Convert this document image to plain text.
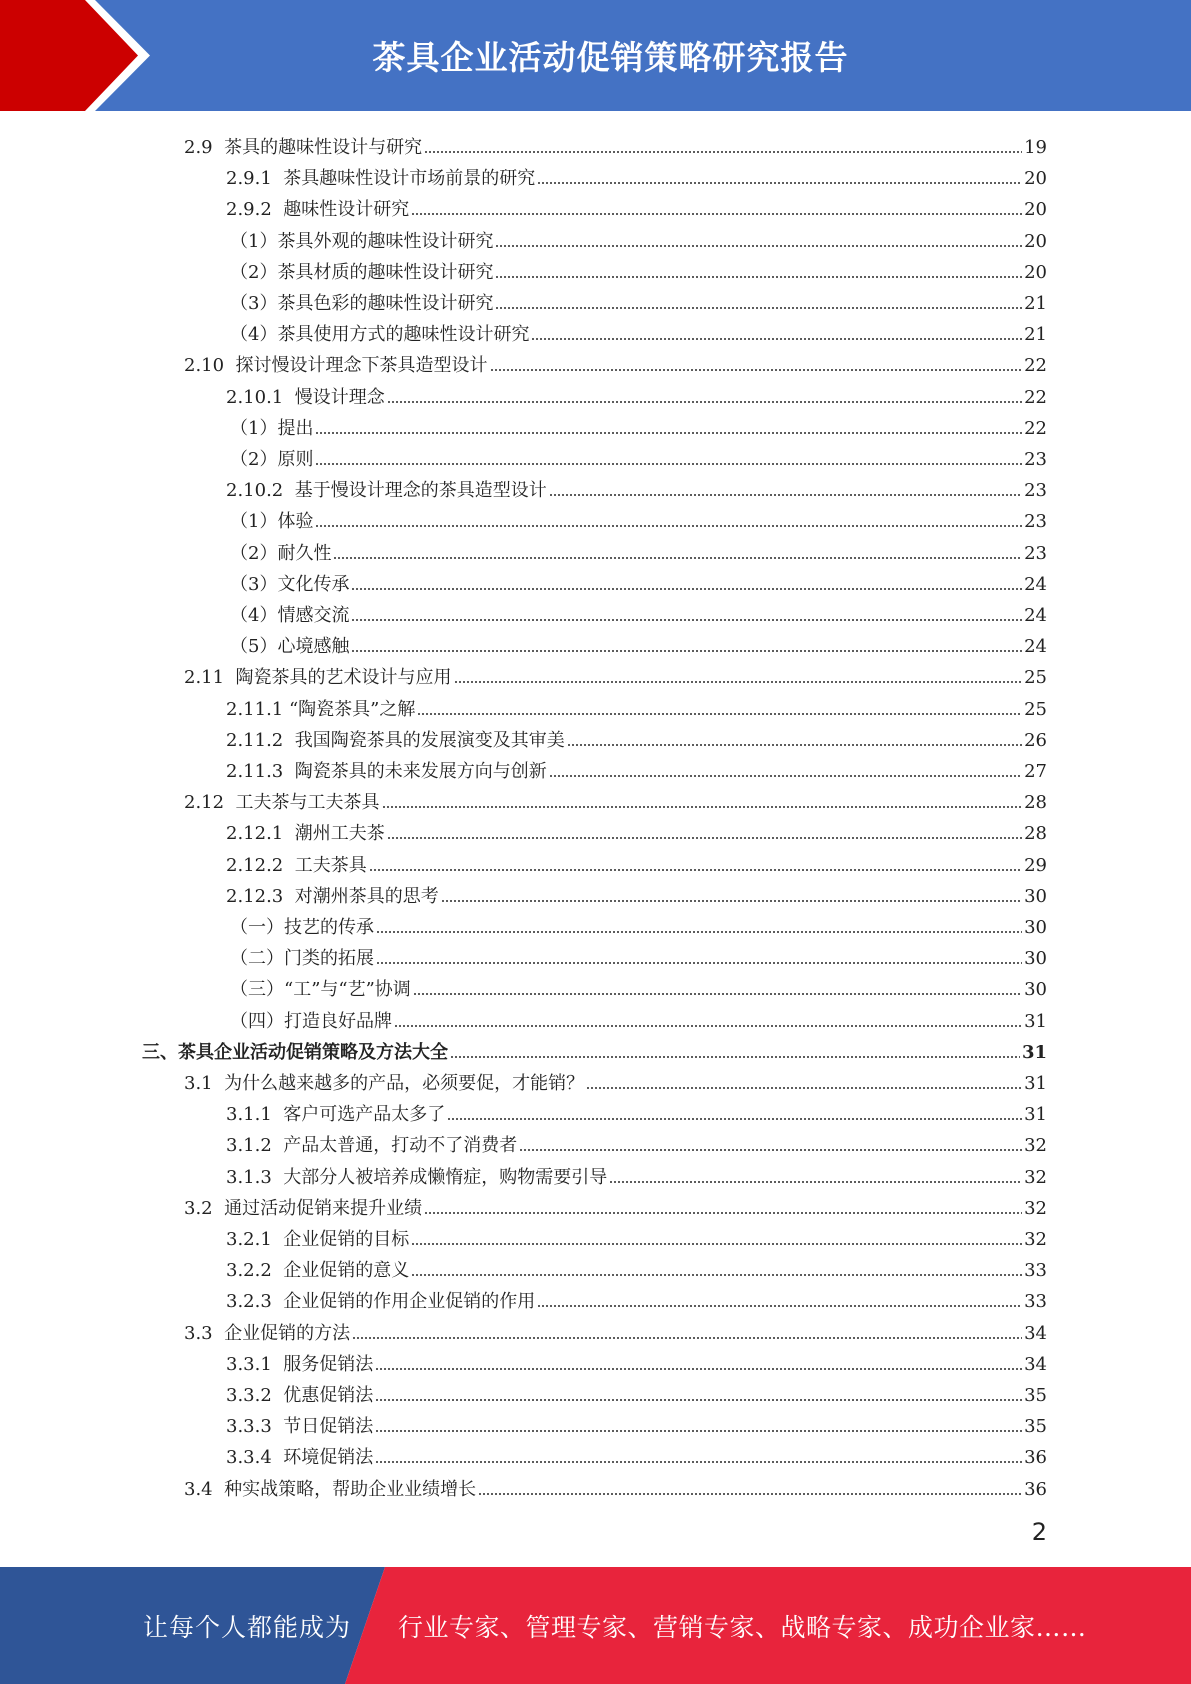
茶具企业活动促销策略研究报告
2.9  茶具的趣味性设计与研究	19
2.9.1  茶具趣味性设计市场前景的研究	20
2.9.2  趣味性设计研究	20
（1）茶具外观的趣味性设计研究	20
（2）茶具材质的趣味性设计研究	20
（3）茶具色彩的趣味性设计研究	21
（4）茶具使用方式的趣味性设计研究	21
2.10  探讨慢设计理念下茶具造型设计	22
2.10.1  慢设计理念	22
（1）提出	22
（2）原则	23
2.10.2  基于慢设计理念的茶具造型设计	23
（1）体验	23
（2）耐久性	23
（3）文化传承	24
（4）情感交流	24
（5）心境感触	24
2.11  陶瓷茶具的艺术设计与应用	25
2.11.1 “陶瓷茶具”之解	25
2.11.2  我国陶瓷茶具的发展演变及其审美	26
2.11.3  陶瓷茶具的未来发展方向与创新	27
2.12  工夫茶与工夫茶具	28
2.12.1  潮州工夫茶	28
2.12.2  工夫茶具	29
2.12.3  对潮州茶具的思考	30
（一）技艺的传承	30
（二）门类的拓展	30
（三）“工”与“艺”协调	30
（四）打造良好品牌	31
三、茶具企业活动促销策略及方法大全	31
3.1  为什么越来越多的产品，必须要促，才能销？	31
3.1.1  客户可选产品太多了	31
3.1.2  产品太普通，打动不了消费者	32
3.1.3  大部分人被培养成懒惰症，购物需要引导	32
3.2  通过活动促销来提升业绩	32
3.2.1  企业促销的目标	32
3.2.2  企业促销的意义	33
3.2.3  企业促销的作用企业促销的作用	33
3.3  企业促销的方法	34
3.3.1  服务促销法	34
3.3.2  优惠促销法	35
3.3.3  节日促销法	35
3.3.4  环境促销法	36
3.4  种实战策略，帮助企业业绩增长	36
2
让每个人都能成为 行业专家、管理专家、营销专家、战略专家、成功企业家……
